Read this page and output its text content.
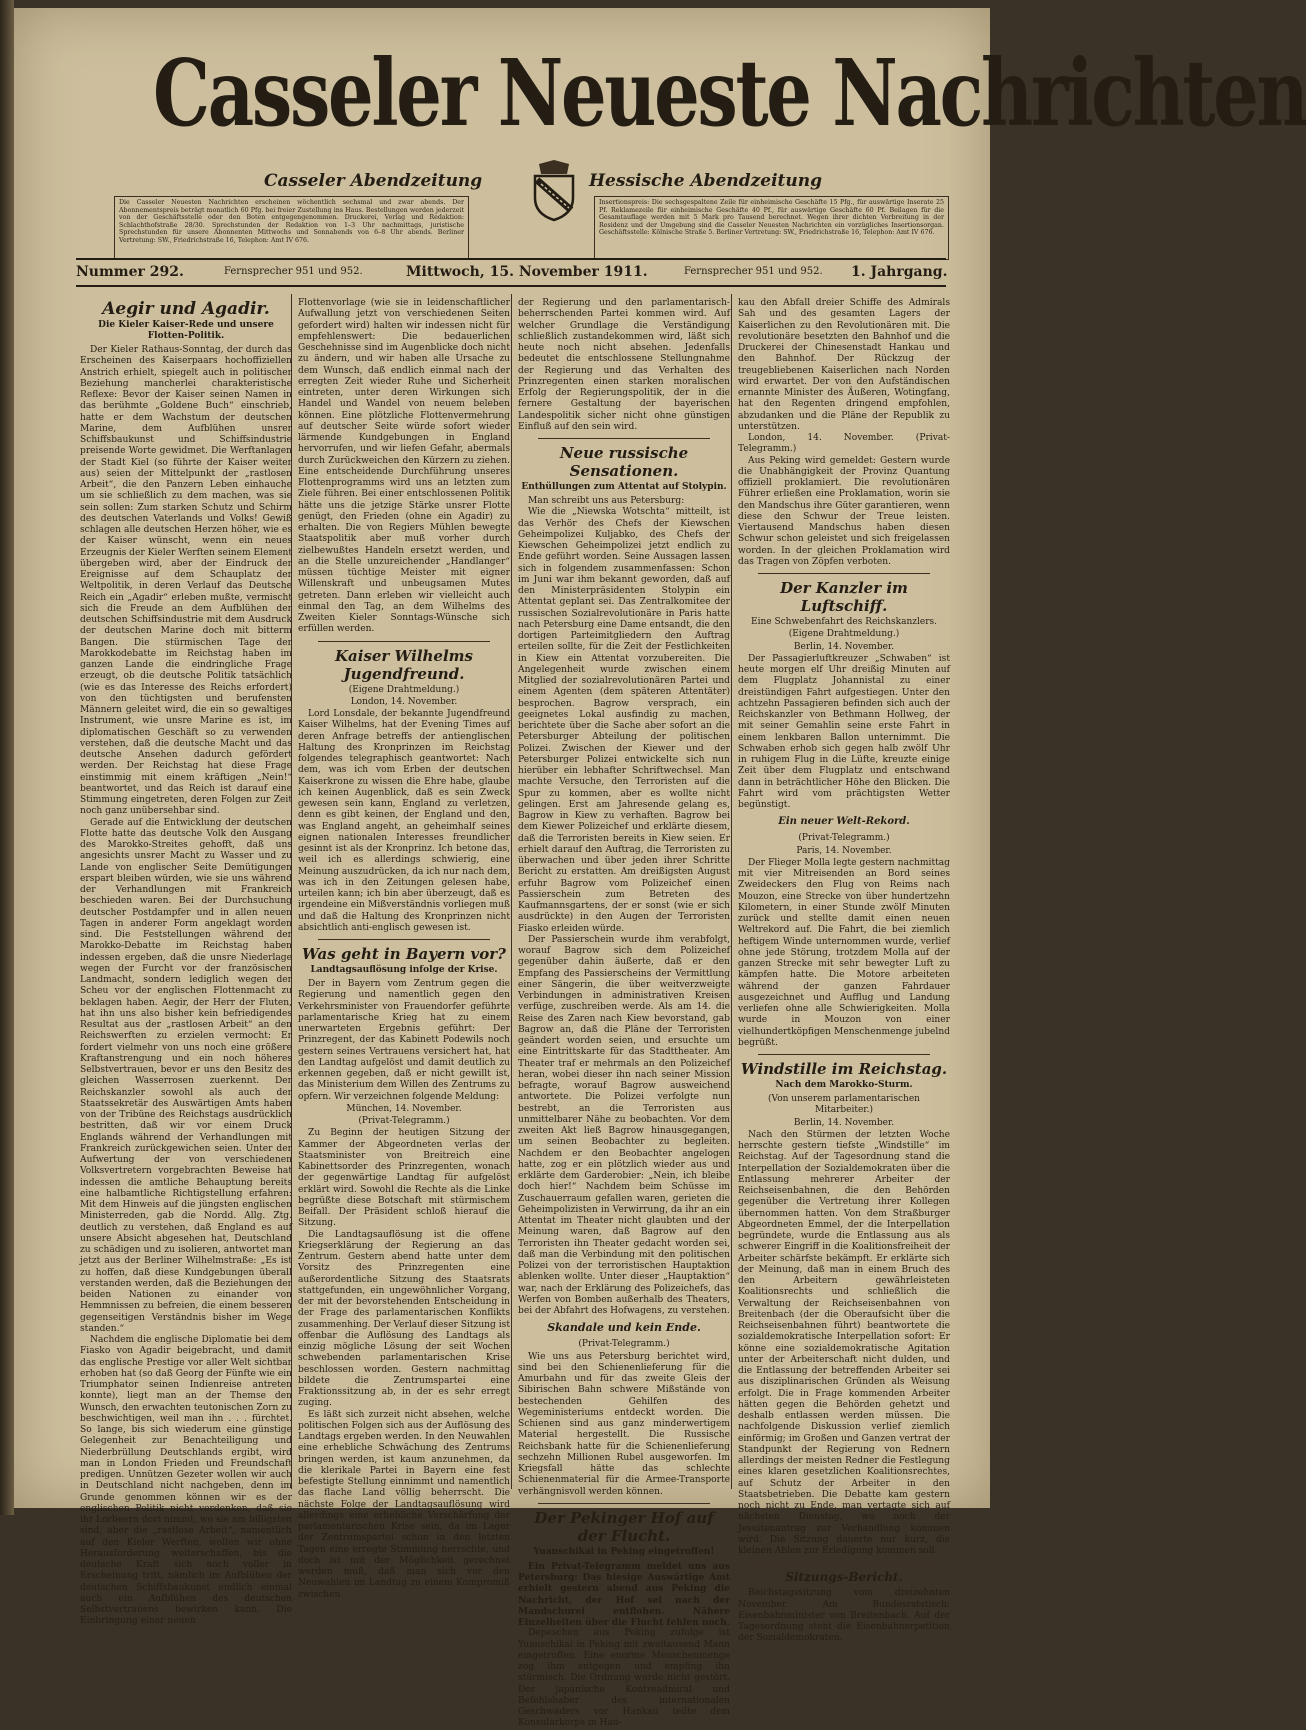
Casseler Neueste Nachrichten
Casseler Abendzeitung	Hessische Abendzeitung
Die Casseler Neuesten Nachrichten erscheinen wöchentlich sechsmal und zwar abends. Der Abonnementspreis beträgt monatlich 60 Pfg. bei freier Zustellung ins Haus. Bestellungen werden jederzeit von der Geschäftsstelle oder den Boten entgegengenommen. Druckerei, Verlag und Redaktion: Schlachthofstraße 28/30. Sprechstunden der Redaktion von 1–3 Uhr nachmittags, juristische Sprechstunden für unsere Abonnenten Mittwochs und Sonnabends von 6–8 Uhr abends. Berliner Vertretung: SW., Friedrichstraße 16, Telephon: Amt IV 676.
Insertionspreis: Die sechsgespaltene Zeile für einheimische Geschäfte 15 Pfg., für auswärtige Inserate 25 Pf. Reklamezeile für einheimische Geschäfte 40 Pf., für auswärtige Geschäfte 60 Pf. Beilagen für die Gesamtauflage werden mit 5 Mark pro Tausend berechnet. Wegen ihrer dichten Verbreitung in der Residenz und der Umgebung sind die Casseler Neuesten Nachrichten ein vorzügliches Insertionsorgan. Geschäftsstelle: Kölnische Straße 5. Berliner Vertretung: SW., Friedrichstraße 16, Telephon: Amt IV 676.
Nummer 292.	Fernsprecher 951 und 952.	Mittwoch, 15. November 1911.	Fernsprecher 951 und 952. 1. Jahrgang.
Aegir und Agadir.
Die Kieler Kaiser-Rede und unsere Flotten-Politik.

Der Kieler Rathaus-Sonntag, der durch das Erscheinen des Kaiserpaars hochoffiziellen Anstrich erhielt, spiegelt auch in politischer Beziehung mancherlei charakteristische Reflexe: Bevor der Kaiser seinen Namen in das berühmte „Goldene Buch“ einschrieb, hatte er dem Wachstum der deutschen Marine, dem Aufblühen unsrer Schiffsbaukunst und Schiffsindustrie preisende Worte gewidmet. Die Werftanlagen der Stadt Kiel (so führte der Kaiser weiter aus) seien der Mittelpunkt der „rastlosen Arbeit“, die den Panzern Leben einhauche um sie schließlich zu dem machen, was sie sein sollen: Zum starken Schutz und Schirm des deutschen Vaterlands und Volks! Gewiß schlagen alle deutschen Herzen höher, wie es der Kaiser wünscht, wenn ein neues Erzeugnis der Kieler Werften seinem Element übergeben wird, aber der Eindruck der Ereignisse auf dem Schauplatz der Weltpolitik, in deren Verlauf das Deutsche Reich ein „Agadir“ erleben mußte, vermischt sich die Freude an dem Aufblühen der deutschen Schiffsindustrie mit dem Ausdruck der deutschen Marine doch mit bitterm Bangen. Die stürmischen Tage der Marokkodebatte im Reichstag haben im ganzen Lande die eindringliche Frage erzeugt, ob die deutsche Politik tatsächlich (wie es das Interesse des Reichs erfordert) von den tüchtigsten und berufensten Männern geleitet wird, die ein so gewaltiges Instrument, wie unsre Marine es ist, im diplomatischen Geschäft so zu verwenden verstehen, daß die deutsche Macht und das deutsche Ansehen dadurch gefördert werden. Der Reichstag hat diese Frage einstimmig mit einem kräftigen „Nein!“ beantwortet, und das Reich ist darauf eine Stimmung eingetreten, deren Folgen zur Zeit noch ganz unübersehbar sind.

Gerade auf die Entwicklung der deutschen Flotte hatte das deutsche Volk den Ausgang des Marokko-Streites gehofft, daß uns angesichts unsrer Macht zu Wasser und zu Lande von englischer Seite Demütigungen erspart bleiben würden, wie sie uns während der Verhandlungen mit Frankreich beschieden waren. Bei der Durchsuchung deutscher Postdampfer und in allen neuen Tagen in anderer Form angeklagt worden sind. Die Feststellungen während der Marokko-Debatte im Reichstag haben indessen ergeben, daß die unsre Niederlage wegen der Furcht vor der französischen Landmacht, sondern lediglich wegen der Scheu vor der englischen Flottenmacht zu beklagen haben. Aegir, der Herr der Fluten, hat ihn uns also bisher kein befriedigendes Resultat aus der „rastlosen Arbeit“ an den Reichswerften zu erzielen vermocht: Er fordert vielmehr von uns noch eine größere Kraftanstrengung und ein noch höheres Selbstvertrauen, bevor er uns den Besitz des gleichen Wasserrosen zuerkennt. Der Reichskanzler sowohl als auch der Staatssekretär des Auswärtigen Amts haben von der Tribüne des Reichstags ausdrücklich bestritten, daß wir vor einem Druck Englands während der Verhandlungen mit Frankreich zurückgewichen seien. Unter der Aufwertung der von verschiedenen Volksvertretern vorgebrachten Beweise hat indessen die amtliche Behauptung bereits eine halbamtliche Richtigstellung erfahren: Mit dem Hinweis auf die jüngsten englischen Ministerreden, gab die Nordd. Allg. Ztg. deutlich zu verstehen, daß England es auf unsere Absicht abgesehen hat, Deutschland zu schädigen und zu isolieren, antwortet man jetzt aus der Berliner Wilhelmstraße: „Es ist zu hoffen, daß diese Kundgebungen überall verstanden werden, daß die Beziehungen der beiden Nationen zu einander von Hemmnissen zu befreien, die einem besseren gegenseitigen Verständnis bisher im Wege standen.“

Nachdem die englische Diplomatie bei dem Fiasko von Agadir beigebracht, und damit das englische Prestige vor aller Welt sichtbar erhoben hat (so daß Georg der Fünfte wie ein Triumphator seinen Indienreise antreten konnte), liegt man an der Themse den Wunsch, den erwachten teutonischen Zorn zu beschwichtigen, weil man ihn . . . fürchtet. So lange, bis sich wiederum eine günstige Gelegenheit zur Benachteiligung und Niederbrüllung Deutschlands ergibt, wird man in London Frieden und Freundschaft predigen. Unnützen Gezeter wollen wir auch in Deutschland nicht nachgeben, denn im Grunde genommen können wir es der englischen Politik nicht verdenken, daß sie ihr Lorbeern dort nimmt, wo sie am billigsten sind, aber die „rastlose Arbeit“, namentlich auf den Kieler Werften, wollen wir ohne Herausforderung weiterschaffen, bis die deutsche Kraft sich noch voller in Erscheinung tritt, nämlich im Aufblühen der deutschen Schiffsbaukunst endlich einmal auch ein Aufblühen des deutschen Selbstvertrauens bewirken kann. Die Einbringung einer neuen

Flottenvorlage (wie sie in leidenschaftlicher Aufwallung jetzt von verschiedenen Seiten gefordert wird) halten wir indessen nicht für empfehlenswert: Die bedauerlichen Geschehnisse sind im Augenblicke doch nicht zu ändern, und wir haben alle Ursache zu dem Wunsch, daß endlich einmal nach der erregten Zeit wieder Ruhe und Sicherheit eintreten, unter deren Wirkungen sich Handel und Wandel von neuem beleben können. Eine plötzliche Flottenvermehrung auf deutscher Seite würde sofort wieder lärmende Kundgebungen in England hervorrufen, und wir liefen Gefahr, abermals durch Zurückweichen den Kürzern zu ziehen. Eine entscheidende Durchführung unseres Flottenprogramms wird uns an letzten zum Ziele führen. Bei einer entschlossenen Politik hätte uns die jetzige Stärke unsrer Flotte genügt, den Frieden (ohne ein Agadir) zu erhalten. Die von Regiers Mühlen bewegte Staatspolitik aber muß vorher durch zielbewußtes Handeln ersetzt werden, und an die Stelle unzureichender „Handlanger“ müssen tüchtige Meister mit eigner Willenskraft und unbeugsamen Mutes getreten. Dann erleben wir vielleicht auch einmal den Tag, an dem Wilhelms des Zweiten Kieler Sonntags-Wünsche sich erfüllen werden.

Kaiser Wilhelms Jugendfreund.
(Eigene Drahtmeldung.)
London, 14. November.

Lord Lonsdale, der bekannte Jugendfreund Kaiser Wilhelms, hat der Evening Times auf deren Anfrage betreffs der antienglischen Haltung des Kronprinzen im Reichstag folgendes telegraphisch geantwortet: Nach dem, was ich vom Erben der deutschen Kaiserkrone zu wissen die Ehre habe, glaube ich keinen Augenblick, daß es sein Zweck gewesen sein kann, England zu verletzen, denn es gibt keinen, der England und den, was England angeht, an geheimhalf seines eignen nationalen Interesses freundlicher gesinnt ist als der Kronprinz. Ich betone das, weil ich es allerdings schwierig, eine Meinung auszudrücken, da ich nur nach dem, was ich in den Zeitungen gelesen habe, urteilen kann; ich bin aber überzeugt, daß es irgendeine ein Mißverständnis vorliegen muß und daß die Haltung des Kronprinzen nicht absichtlich anti-englisch gewesen ist.

Was geht in Bayern vor?
Landtagsauflösung infolge der Krise.

Der in Bayern vom Zentrum gegen die Regierung und namentlich gegen den Verkehrsminister von Frauendorfer geführte parlamentarische Krieg hat zu einem unerwarteten Ergebnis geführt: Der Prinzregent, der das Kabinett Podewils noch gestern seines Vertrauens versichert hat, hat den Landtag aufgelöst und damit deutlich zu erkennen gegeben, daß er nicht gewillt ist, das Ministerium dem Willen des Zentrums zu opfern. Wir verzeichnen folgende Meldung:

München, 14. November.
(Privat-Telegramm.)

Zu Beginn der heutigen Sitzung der Kammer der Abgeordneten verlas der Staatsminister von Breitreich eine Kabinettsorder des Prinzregenten, wonach der gegenwärtige Landtag für aufgelöst erklärt wird. Sowohl die Rechte als die Linke begrüßte diese Botschaft mit stürmischem Beifall. Der Präsident schloß hierauf die Sitzung.

Die Landtagsauflösung ist die offene Kriegserklärung der Regierung an das Zentrum. Gestern abend hatte unter dem Vorsitz des Prinzregenten eine außerordentliche Sitzung des Staatsrats stattgefunden, ein ungewöhnlicher Vorgang, der mit der bevorstehenden Entscheidung in der Frage des parlamentarischen Konflikts zusammenhing. Der Verlauf dieser Sitzung ist offenbar die Auflösung des Landtags als einzig mögliche Lösung der seit Wochen schwebenden parlamentarischen Krise beschlossen worden. Gestern nachmittag bildete die Zentrumspartei eine Fraktionssitzung ab, in der es sehr erregt zuging.

Es läßt sich zurzeit nicht absehen, welche politischen Folgen sich aus der Auflösung des Landtags ergeben werden. In den Neuwahlen eine erhebliche Schwächung des Zentrums bringen werden, ist kaum anzunehmen, da die klerikale Partei in Bayern eine fest befestigte Stellung einnimmt und namentlich das flache Land völlig beherrscht. Die nächste Folge der Landtagsauflösung wird allerdings eine erhebliche Verschärfung der parlamentarischen Krise sein, da im Lager der Zentrumspartei schon in den letzten Tagen eine erregte Stimmung herrschte, und doch ist mit der Möglichkeit gerechnet werden muß, daß man sich vor den Neuwahlen im Landtag zu einem Kompromiß zwischen

der Regierung und den parlamentarisch-beherrschenden Partei kommen wird. Auf welcher Grundlage die Verständigung schließlich zustandekommen wird, läßt sich heute noch nicht absehen. Jedenfalls bedeutet die entschlossene Stellungnahme der Regierung und das Verhalten des Prinzregenten einen starken moralischen Erfolg der Regierungspolitik, der in die fernere Gestaltung der bayerischen Landespolitik sicher nicht ohne günstigen Einfluß auf den sein wird.

Neue russische Sensationen.
Enthüllungen zum Attentat auf Stolypin.

Man schreibt uns aus Petersburg:

Wie die „Niewska Wotschta“ mitteilt, ist das Verhör des Chefs der Kiewschen Geheimpolizei Kuljabko, des Chefs der Kiewschen Geheimpolizei jetzt endlich zu Ende geführt worden. Seine Aussagen lassen sich in folgendem zusammenfassen: Schon im Juni war ihm bekannt geworden, daß auf den Ministerpräsidenten Stolypin ein Attentat geplant sei. Das Zentralkomitee der russischen Sozialrevolutionäre in Paris hatte nach Petersburg eine Dame entsandt, die den dortigen Parteimitgliedern den Auftrag erteilen sollte, für die Zeit der Festlichkeiten in Kiew ein Attentat vorzubereiten. Die Angelegenheit wurde zwischen einem Mitglied der sozialrevolutionären Partei und einem Agenten (dem späteren Attentäter) besprochen. Bagrow versprach, ein geeignetes Lokal ausfindig zu machen, berichtete über die Sache aber sofort an die Petersburger Abteilung der politischen Polizei. Zwischen der Kiewer und der Petersburger Polizei entwickelte sich nun hierüber ein lebhafter Schriftwechsel. Man machte Versuche, den Terroristen auf die Spur zu kommen, aber es wollte nicht gelingen. Erst am Jahresende gelang es, Bagrow in Kiew zu verhaften. Bagrow bei dem Kiewer Polizeichef und erklärte diesem, daß die Terroristen bereits in Kiew seien. Er erhielt darauf den Auftrag, die Terroristen zu überwachen und über jeden ihrer Schritte Bericht zu erstatten. Am dreißigsten August erfuhr Bagrow vom Polizeichef einen Passierschein zum Betreten des Kaufmannsgartens, der er sonst (wie er sich ausdrückte) in den Augen der Terroristen Fiasko erleiden würde.

Der Passierschein wurde ihm verabfolgt, worauf Bagrow sich dem Polizeichef gegenüber dahin äußerte, daß er den Empfang des Passierscheins der Vermittlung einer Sängerin, die über weitverzweigte Verbindungen in administrativen Kreisen verfüge, zuschreiben werde. Als am 14. die Reise des Zaren nach Kiew bevorstand, gab Bagrow an, daß die Pläne der Terroristen geändert worden seien, und ersuchte um eine Eintrittskarte für das Stadttheater. Am Theater traf er mehrmals an den Polizeichef heran, wobei dieser ihn nach seiner Mission befragte, worauf Bagrow ausweichend antwortete. Die Polizei verfolgte nun bestrebt, an die Terroristen aus unmittelbarer Nähe zu beobachten. Vor dem zweiten Akt ließ Bagrow hinausgegangen, um seinen Beobachter zu begleiten. Nachdem er den Beobachter angelogen hatte, zog er ein plötzlich wieder aus und erklärte dem Garderobier: „Nein, ich bleibe doch hier!“ Nachdem beim Schüsse im Zuschauerraum gefallen waren, gerieten die Geheimpolizisten in Verwirrung, da ihr an ein Attentat im Theater nicht glaubten und der Meinung waren, daß Bagrow auf den Terroristen ihn Theater gedacht worden sei, daß man die Verbindung mit den politischen Polizei von der terroristischen Hauptaktion ablenken wollte. Unter dieser „Hauptaktion“ war, nach der Erklärung des Polizeichefs, das Werfen von Bomben außerhalb des Theaters, bei der Abfahrt des Hofwagens, zu verstehen.

Skandale und kein Ende.
(Privat-Telegramm.)

Wie uns aus Petersburg berichtet wird, sind bei den Schienenlieferung für die Amurbahn und für das zweite Gleis der Sibirischen Bahn schwere Mißstände von bestechenden Gehilfen des Wegeministeriums entdeckt worden. Die Schienen sind aus ganz minderwertigem Material hergestellt. Die Russische Reichsbank hatte für die Schienenlieferung sechzehn Millionen Rubel ausgeworfen. Im Kriegsfall hätte das schlechte Schienenmaterial für die Armee-Transporte verhängnisvoll werden können.

Der Pekinger Hof auf der Flucht.
Yuanschikai in Peking eingetroffen!

Ein Privat-Telegramm meldet uns aus Petersburg: Das hiesige Auswärtige Amt erhielt gestern abend aus Peking die Nachricht, der Hof sei nach der Mandschurei entflohen. Nähere Einzelheiten über die Flucht fehlen noch.

Depeschen aus Peking zufolge ist Yuanschikai in Peking mit zweitausend Mann eingetroffen. Eine enorme Menschenmenge zog ihm entgegen und empfing ihn stürmisch. Die Ordnung wurde nicht gestört. Der japanische Kontreadmiral und Befehlshaber des internationalen Geschwaders vor Hankau teilte dem Konsularkorps in Han-

kau den Abfall dreier Schiffe des Admirals Sah und des gesamten Lagers der Kaiserlichen zu den Revolutionären mit. Die revolutionäre besetzten den Bahnhof und die Druckerei der Chinesenstadt Hankau und den Bahnhof. Der Rückzug der treugebliebenen Kaiserlichen nach Norden wird erwartet. Der von den Aufständischen ernannte Minister des Äußeren, Wotingfang, hat den Regenten dringend empfohlen, abzudanken und die Pläne der Republik zu unterstützen.

London, 14. November. (Privat-Telegramm.)

Aus Peking wird gemeldet: Gestern wurde die Unabhängigkeit der Provinz Quantung offiziell proklamiert. Die revolutionären Führer erließen eine Proklamation, worin sie den Mandschus ihre Güter garantieren, wenn diese den Schwur der Treue leisten. Viertausend Mandschus haben diesen Schwur schon geleistet und sich freigelassen worden. In der gleichen Proklamation wird das Tragen von Zöpfen verboten.

Der Kanzler im Luftschiff.
Eine Schwebenfahrt des Reichskanzlers.
(Eigene Drahtmeldung.)
Berlin, 14. November.

Der Passagierluftkreuzer „Schwaben“ ist heute morgen elf Uhr dreißig Minuten auf dem Flugplatz Johannistal zu einer dreistündigen Fahrt aufgestiegen. Unter den achtzehn Passagieren befinden sich auch der Reichskanzler von Bethmann Hollweg, der mit seiner Gemahlin seine erste Fahrt in einem lenkbaren Ballon unternimmt. Die Schwaben erhob sich gegen halb zwölf Uhr in ruhigem Flug in die Lüfte, kreuzte einige Zeit über dem Flugplatz und entschwand dann in beträchtlicher Höhe den Blicken. Die Fahrt wird vom prächtigsten Wetter begünstigt.

Ein neuer Welt-Rekord.
(Privat-Telegramm.)
Paris, 14. November.

Der Flieger Molla legte gestern nachmittag mit vier Mitreisenden an Bord seines Zweideckers den Flug von Reims nach Mouzon, eine Strecke von über hundertzehn Kilometern, in einer Stunde zwölf Minuten zurück und stellte damit einen neuen Weltrekord auf. Die Fahrt, die bei ziemlich heftigem Winde unternommen wurde, verlief ohne jede Störung, trotzdem Molla auf der ganzen Strecke mit sehr bewegter Luft zu kämpfen hatte. Die Motore arbeiteten während der ganzen Fahrdauer ausgezeichnet und Aufflug und Landung verliefen ohne alle Schwierigkeiten. Molla wurde in Mouzon von einer vielhundertköpfigen Menschenmenge jubelnd begrüßt.

Windstille im Reichstag.
Nach dem Marokko-Sturm.
(Von unserem parlamentarischen Mitarbeiter.)
Berlin, 14. November.

Nach den Stürmen der letzten Woche herrschte gestern tiefste „Windstille“ im Reichstag. Auf der Tagesordnung stand die Interpellation der Sozialdemokraten über die Entlassung mehrerer Arbeiter der Reichseisenbahnen, die den Behörden gegenüber die Vertretung ihrer Kollegen übernommen hatten. Von dem Straßburger Abgeordneten Emmel, der die Interpellation begründete, wurde die Entlassung aus als schwerer Eingriff in die Koalitionsfreiheit der Arbeiter schärfste bekämpft. Er erklärte sich der Meinung, daß man in einem Bruch des den Arbeitern gewährleisteten Koalitionsrechts und schließlich die Verwaltung der Reichseisenbahnen von Breitenbach (der die Oberaufsicht über die Reichseisenbahnen führt) beantwortete die sozialdemokratische Interpellation sofort: Er könne eine sozialdemokratische Agitation unter der Arbeiterschaft nicht dulden, und die Entlassung der betreffenden Arbeiter sei aus disziplinarischen Gründen als Weisung erfolgt. Die in Frage kommenden Arbeiter hätten gegen die Behörden gehetzt und deshalb entlassen werden müssen. Die nachfolgende Diskussion verlief ziemlich einförmig; im Großen und Ganzen vertrat der Standpunkt der Regierung von Rednern allerdings der meisten Redner die Festlegung eines klaren gesetzlichen Koalitionsrechtes, auf Schutz der Arbeiter in den Staatsbetrieben. Die Debatte kam gestern noch nicht zu Ende, man vertagte sich auf nächsten Dienstag, wo noch der Jesuitenantrag zur Verhandlung kommen wird. Die Sitzung dauerte nur kurz, die kleinen Ablen zur Erledigung kommen soll.

Sitzungs-Bericht.

Reichstagssitzung vom dreizehnten November. Am Bundesratstisch: Eisenbahnminister von Breitenbach. Auf der Tagesordnung steht die Eisenbahnerpetition der Sozialdemokraten.
